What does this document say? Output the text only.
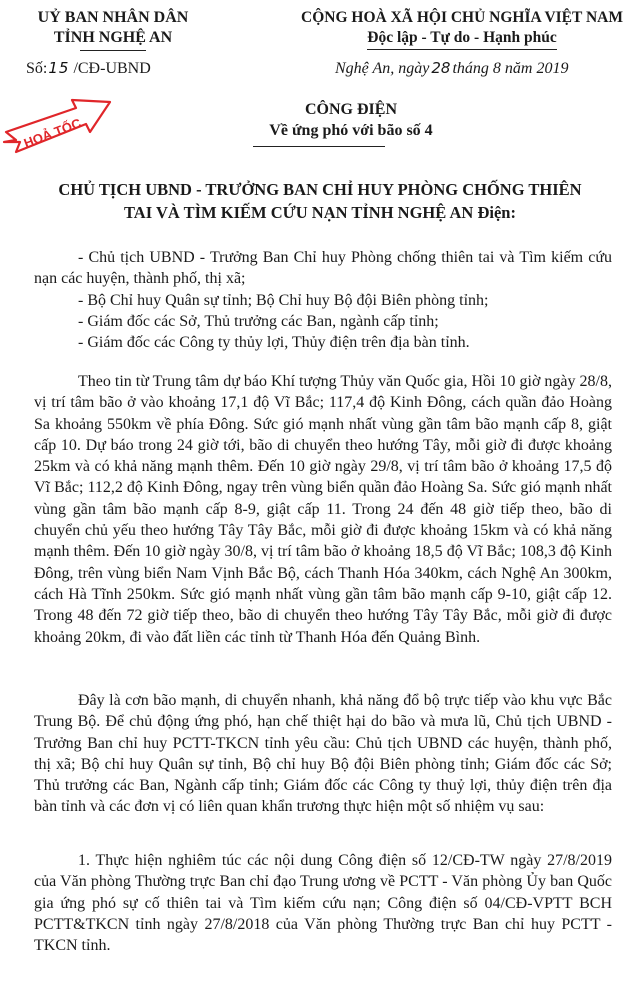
UỶ BAN NHÂN DÂN
TỈNH NGHỆ AN
Số:15 /CĐ-UBND
CỘNG HOÀ XÃ HỘI CHỦ NGHĨA VIỆT NAM
Độc lập - Tự do - Hạnh phúc
Nghệ An, ngày 28 tháng 8 năm 2019
HOẢ TỐC
CÔNG ĐIỆN
Về ứng phó với bão số 4
CHỦ TỊCH UBND - TRƯỞNG BAN CHỈ HUY PHÒNG CHỐNG THIÊN
TAI VÀ TÌM KIẾM CỨU NẠN TỈNH NGHỆ AN Điện:

- Chủ tịch UBND - Trưởng Ban Chỉ huy Phòng chống thiên tai và Tìm kiếm cứu nạn các huyện, thành phố, thị xã;

- Bộ Chỉ huy Quân sự tỉnh; Bộ Chỉ huy Bộ đội Biên phòng tỉnh;

- Giám đốc các Sở, Thủ trưởng các Ban, ngành cấp tỉnh;

- Giám đốc các Công ty thủy lợi, Thủy điện trên địa bàn tỉnh.

Theo tin từ Trung tâm dự báo Khí tượng Thủy văn Quốc gia, Hồi 10 giờ ngày 28/8, vị trí tâm bão ở vào khoảng 17,1 độ Vĩ Bắc; 117,4 độ Kinh Đông, cách quần đảo Hoàng Sa khoảng 550km về phía Đông. Sức gió mạnh nhất vùng gần tâm bão mạnh cấp 8, giật cấp 10. Dự báo trong 24 giờ tới, bão di chuyển theo hướng Tây, mỗi giờ đi được khoảng 25km và có khả năng mạnh thêm. Đến 10 giờ ngày 29/8, vị trí tâm bão ở khoảng 17,5 độ Vĩ Bắc; 112,2 độ Kinh Đông, ngay trên vùng biển quần đảo Hoàng Sa. Sức gió mạnh nhất vùng gần tâm bão mạnh cấp 8-9, giật cấp 11. Trong 24 đến 48 giờ tiếp theo, bão di chuyển chủ yếu theo hướng Tây Tây Bắc, mỗi giờ đi được khoảng 15km và có khả năng mạnh thêm. Đến 10 giờ ngày 30/8, vị trí tâm bão ở khoảng 18,5 độ Vĩ Bắc; 108,3 độ Kinh Đông, trên vùng biển Nam Vịnh Bắc Bộ, cách Thanh Hóa 340km, cách Nghệ An 300km, cách Hà Tĩnh 250km. Sức gió mạnh nhất vùng gần tâm bão mạnh cấp 9-10, giật cấp 12. Trong 48 đến 72 giờ tiếp theo, bão di chuyển theo hướng Tây Tây Bắc, mỗi giờ đi được khoảng 20km, đi vào đất liền các tỉnh từ Thanh Hóa đến Quảng Bình.

Đây là cơn bão mạnh, di chuyển nhanh, khả năng đổ bộ trực tiếp vào khu vực Bắc Trung Bộ. Để chủ động ứng phó, hạn chế thiệt hại do bão và mưa lũ, Chủ tịch UBND - Trưởng Ban chỉ huy PCTT-TKCN tỉnh yêu cầu: Chủ tịch UBND các huyện, thành phố, thị xã; Bộ chỉ huy Quân sự tỉnh, Bộ chỉ huy Bộ đội Biên phòng tỉnh; Giám đốc các Sở; Thủ trưởng các Ban, Ngành cấp tỉnh; Giám đốc các Công ty thuỷ lợi, thủy điện trên địa bàn tỉnh và các đơn vị có liên quan khẩn trương thực hiện một số nhiệm vụ sau:

1. Thực hiện nghiêm túc các nội dung Công điện số 12/CĐ-TW ngày 27/8/2019 của Văn phòng Thường trực Ban chỉ đạo Trung ương về PCTT - Văn phòng Ủy ban Quốc gia ứng phó sự cố thiên tai và Tìm kiếm cứu nạn; Công điện số 04/CĐ-VPTT BCH PCTT&TKCN tỉnh ngày 27/8/2018 của Văn phòng Thường trực Ban chỉ huy PCTT - TKCN tỉnh.
